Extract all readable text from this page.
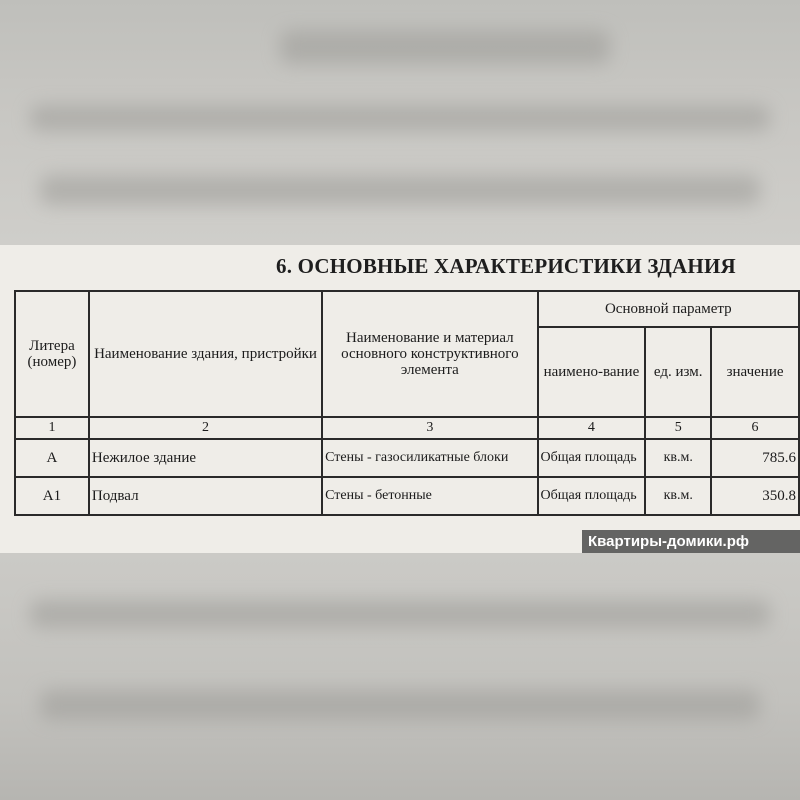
6. ОСНОВНЫЕ ХАРАКТЕРИСТИКИ ЗДАНИЯ
Литера (номер)	Наименование здания, пристройки	Наименование и материал основного конструктивного элемента	Основной параметр		
			наимено-вание	ед. изм.	значение
1	2	3	4	5	6
А	Нежилое здание	Стены - газосиликатные блоки	Общая площадь	кв.м.	785.6
А1	Подвал	Стены - бетонные	Общая площадь	кв.м.	350.8
Квартиры-домики.рф
